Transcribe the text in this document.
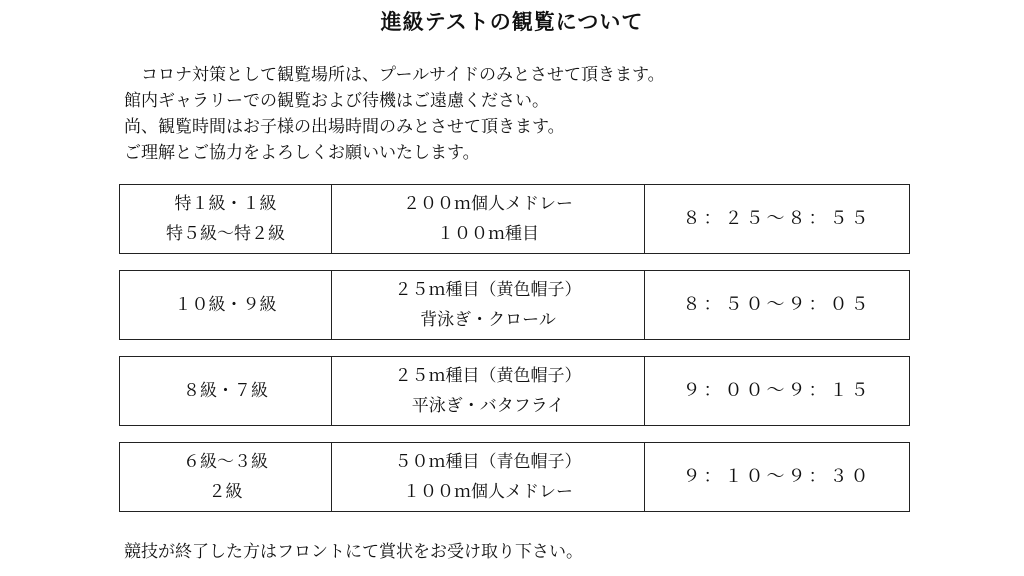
進級テストの観覧について
コロナ対策として観覧場所は、プールサイドのみとさせて頂きます。
館内ギャラリーでの観覧および待機はご遠慮ください。
尚、観覧時間はお子様の出場時間のみとさせて頂きます。
ご理解とご協力をよろしくお願いいたします。
特１級・１級
特５級〜特２級
２００ｍ個人メドレー
１００ｍ種目
８：２５〜８：５５
１０級・９級
２５ｍ種目（黄色帽子）
背泳ぎ・クロール
８：５０〜９：０５
８級・７級
２５ｍ種目（黄色帽子）
平泳ぎ・バタフライ
９：００〜９：１５
６級〜３級
２級
５０ｍ種目（青色帽子）
１００ｍ個人メドレー
９：１０〜９：３０
競技が終了した方はフロントにて賞状をお受け取り下さい。
